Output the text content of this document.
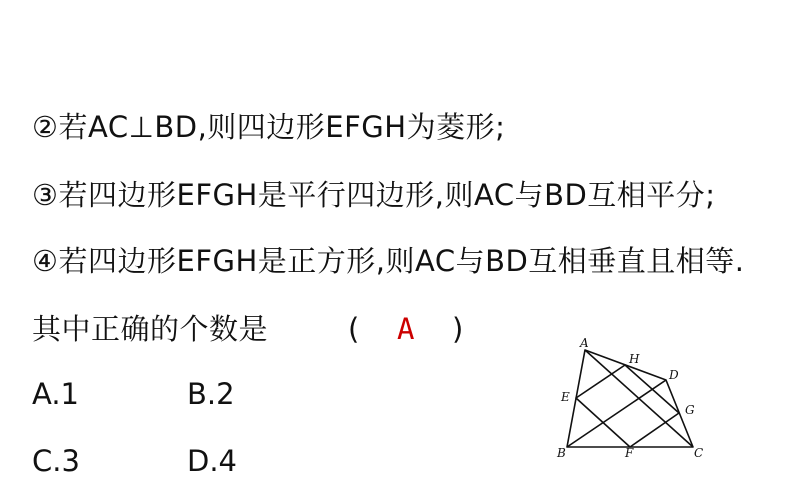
②若AC⊥BD,则四边形EFGH为菱形;
③若四边形EFGH是平行四边形,则AC与BD互相平分;
④若四边形EFGH是正方形,则AC与BD互相垂直且相等.
其中正确的个数是	( A )
A.1	B.2
C.3	D.4
A
H
D
E
G
B	F	C
